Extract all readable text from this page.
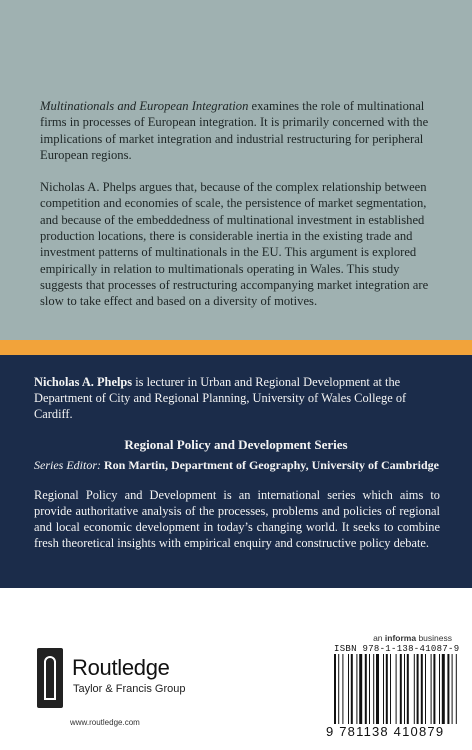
Multinationals and European Integration examines the role of multinational firms in processes of European integration. It is primarily concerned with the implications of market integration and industrial restructuring for peripheral European regions.

Nicholas A. Phelps argues that, because of the complex relationship between competition and economies of scale, the persistence of market segmentation, and because of the embeddedness of multinational investment in established production locations, there is considerable inertia in the existing trade and investment patterns of multinationals in the EU. This argument is explored empirically in relation to multimationals operating in Wales. This study suggests that processes of restructuring accompanying market integration are slow to take effect and based on a diversity of motives.

Nicholas A. Phelps is lecturer in Urban and Regional Development at the Department of City and Regional Planning, University of Wales College of Cardiff.
Regional Policy and Development Series
Series Editor: Ron Martin, Department of Geography, University of Cambridge
Regional Policy and Development is an international series which aims to provide authoritative analysis of the processes, problems and policies of regional and local economic development in today’s changing world. It seeks to combine fresh theoretical insights with empirical enquiry and constructive policy debate.
Routledge
Taylor & Francis Group
www.routledge.com
an informa business
ISBN 978-1-138-41087-9
9 781138 410879
